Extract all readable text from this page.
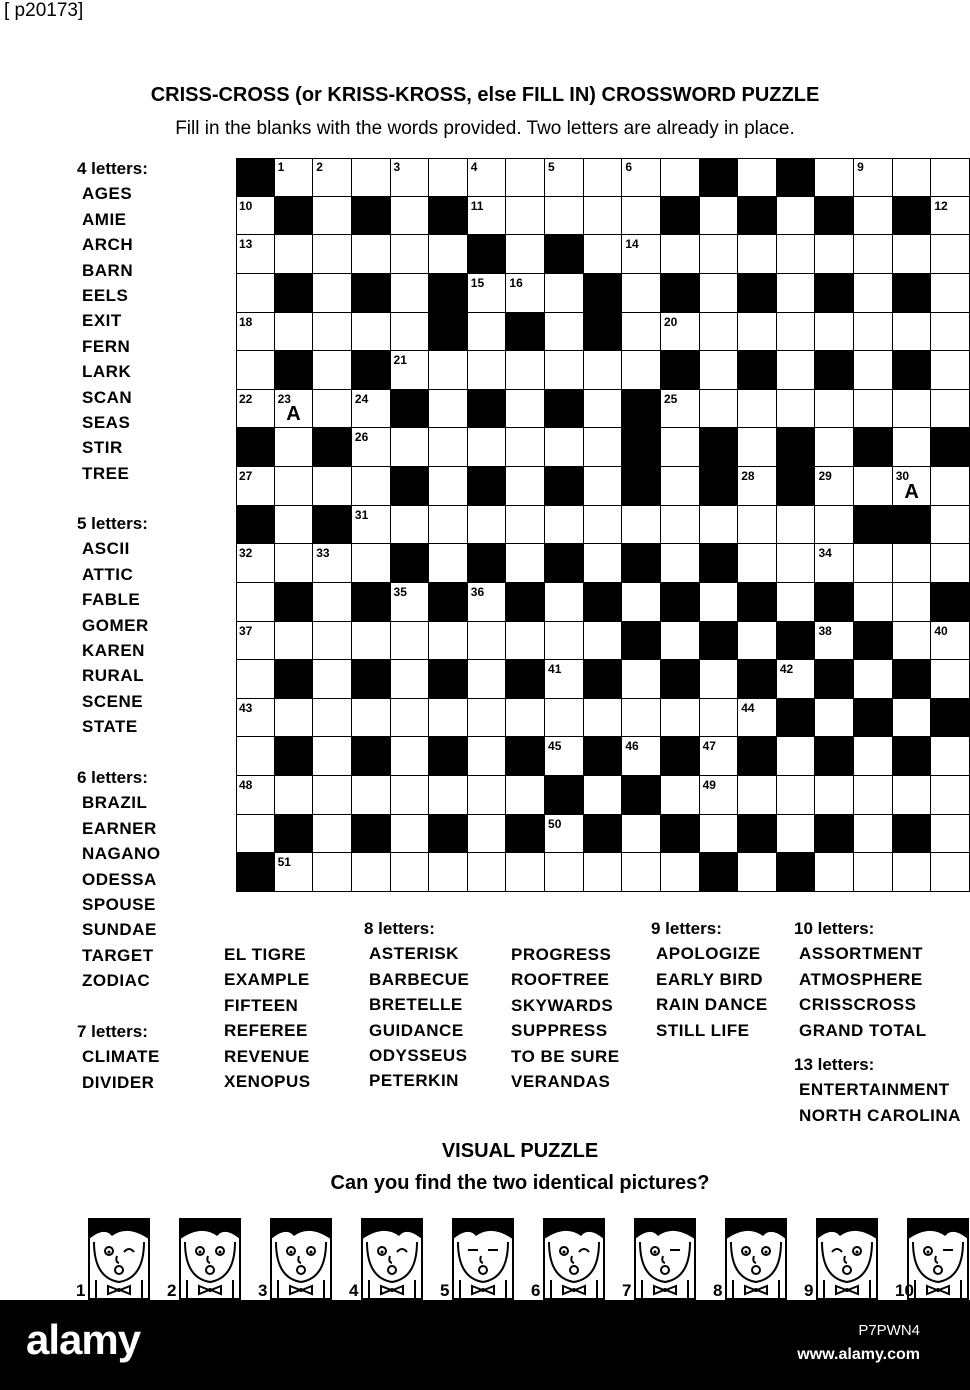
[ p20173]
CRISS-CROSS (or KRISS-KROSS, else FILL IN) CROSSWORD PUZZLE
Fill in the blanks with the words provided. Two letters are already in place.
4 letters:
AGES
AMIE
ARCH
BARN
EELS
EXIT
FERN
LARK
SCAN
SEAS
STIR
TREE
5 letters:
ASCII
ATTIC
FABLE
GOMER
KAREN
RURAL
SCENE
STATE
6 letters:
BRAZIL
EARNER
NAGANO
ODESSA
SPOUSE
SUNDAE
TARGET
ZODIAC
7 letters:
CLIMATE
DIVIDER
EL TIGRE
EXAMPLE
FIFTEEN
REFEREE
REVENUE
XENOPUS
8 letters:
ASTERISK
BARBECUE
BRETELLE
GUIDANCE
ODYSSEUS
PETERKIN
PROGRESS
ROOFTREE
SKYWARDS
SUPPRESS
TO BE SURE
VERANDAS
9 letters:
APOLOGIZE
EARLY BIRD
RAIN DANCE
STILL LIFE
10 letters:
ASSORTMENT
ATMOSPHERE
CRISSCROSS
GRAND TOTAL
13 letters:
ENTERTAINMENT
NORTH CAROLINA
1	2	3	4	5	6	7	8	9
10	11	12
13	14
15 16	17
18	19	20
21
22 23
A
24	25
26
27	28	29	30
A
31
32	33	34
35	36
37	38 39	40
41	42
43	44
45	46	47
48	49
50
51	52
VISUAL PUZZLE
Can you find the two identical pictures?
1	2	3	4	5	6	7	8	9	10
alamy	P7PWN4
www.alamy.com
